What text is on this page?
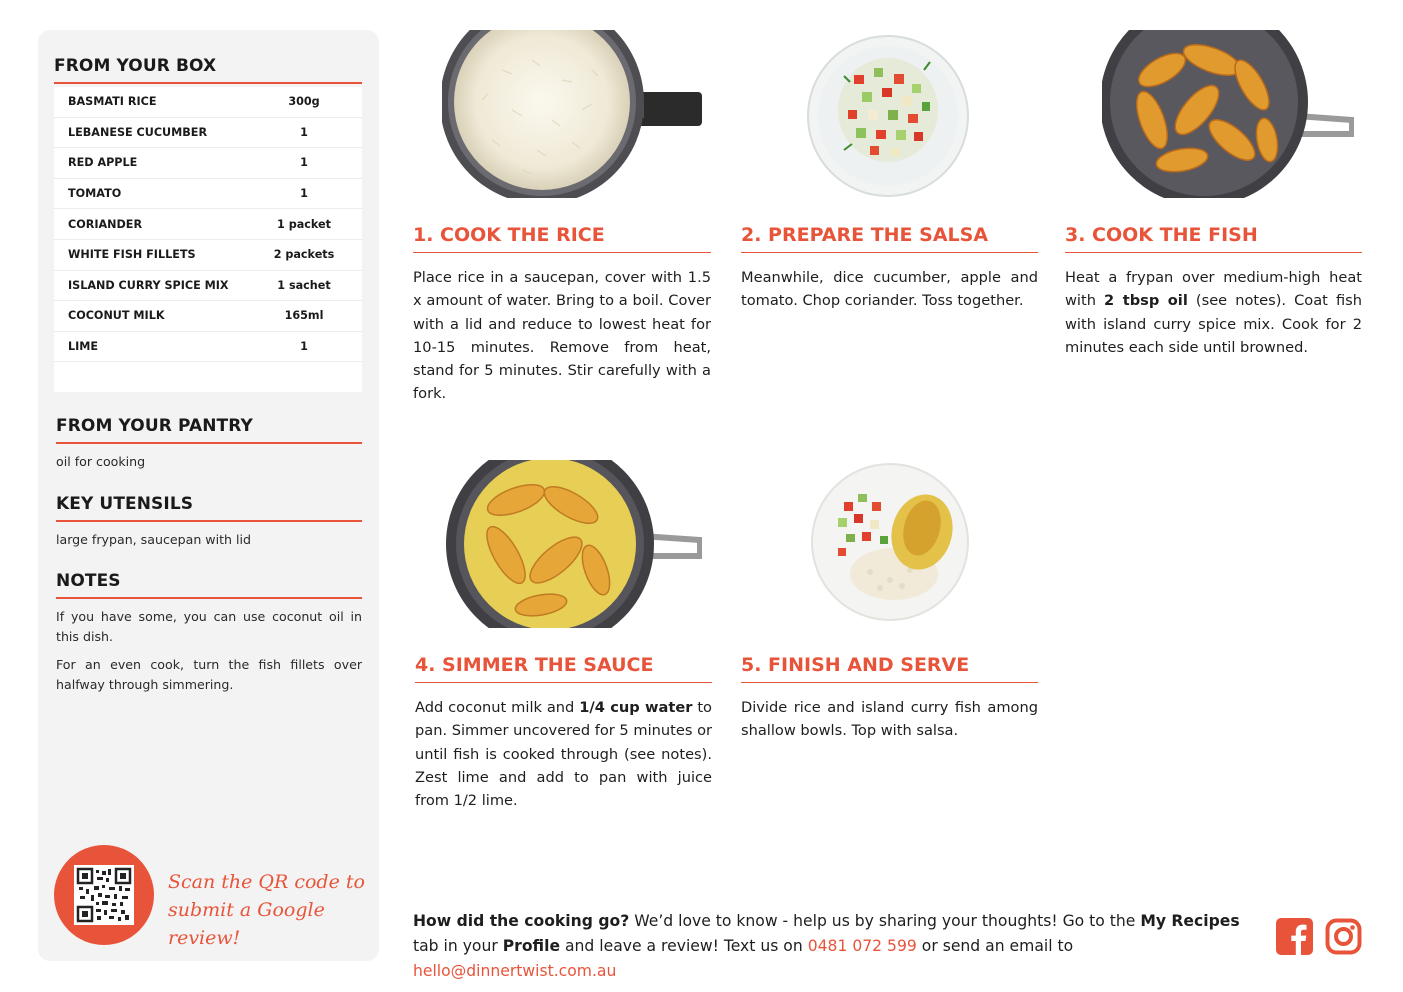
FROM YOUR BOX
BASMATI RICE	300g
LEBANESE CUCUMBER	1
RED APPLE	1
TOMATO	1
CORIANDER	1 packet
WHITE FISH FILLETS	2 packets
ISLAND CURRY SPICE MIX	1 sachet
COCONUT MILK	165ml
LIME	1
FROM YOUR PANTRY
oil for cooking
KEY UTENSILS
large frypan, saucepan with lid
NOTES
If you have some, you can use coconut oil in this dish.
For an even cook, turn the fish fillets over halfway through simmering.
Scan the QR code to
submit a Google review!
1. COOK THE RICE
Place rice in a saucepan, cover with 1.5 x amount of water. Bring to a boil. Cover with a lid and reduce to lowest heat for 10-15 minutes. Remove from heat, stand for 5 minutes. Stir carefully with a fork.
2. PREPARE THE SALSA
Meanwhile, dice cucumber, apple and tomato. Chop coriander. Toss together.
3. COOK THE FISH
Heat a frypan over medium-high heat with 2 tbsp oil (see notes). Coat fish with island curry spice mix. Cook for 2 minutes each side until browned.
4. SIMMER THE SAUCE
Add coconut milk and 1/4 cup water to pan. Simmer uncovered for 5 minutes or until fish is cooked through (see notes). Zest lime and add to pan with juice from 1/2 lime.
5. FINISH AND SERVE
Divide rice and island curry fish among shallow bowls. Top with salsa.
How did the cooking go? We’d love to know - help us by sharing your thoughts! Go to the My Recipes tab in your Profile and leave a review! Text us on 0481 072 599 or send an email to hello@dinnertwist.com.au
